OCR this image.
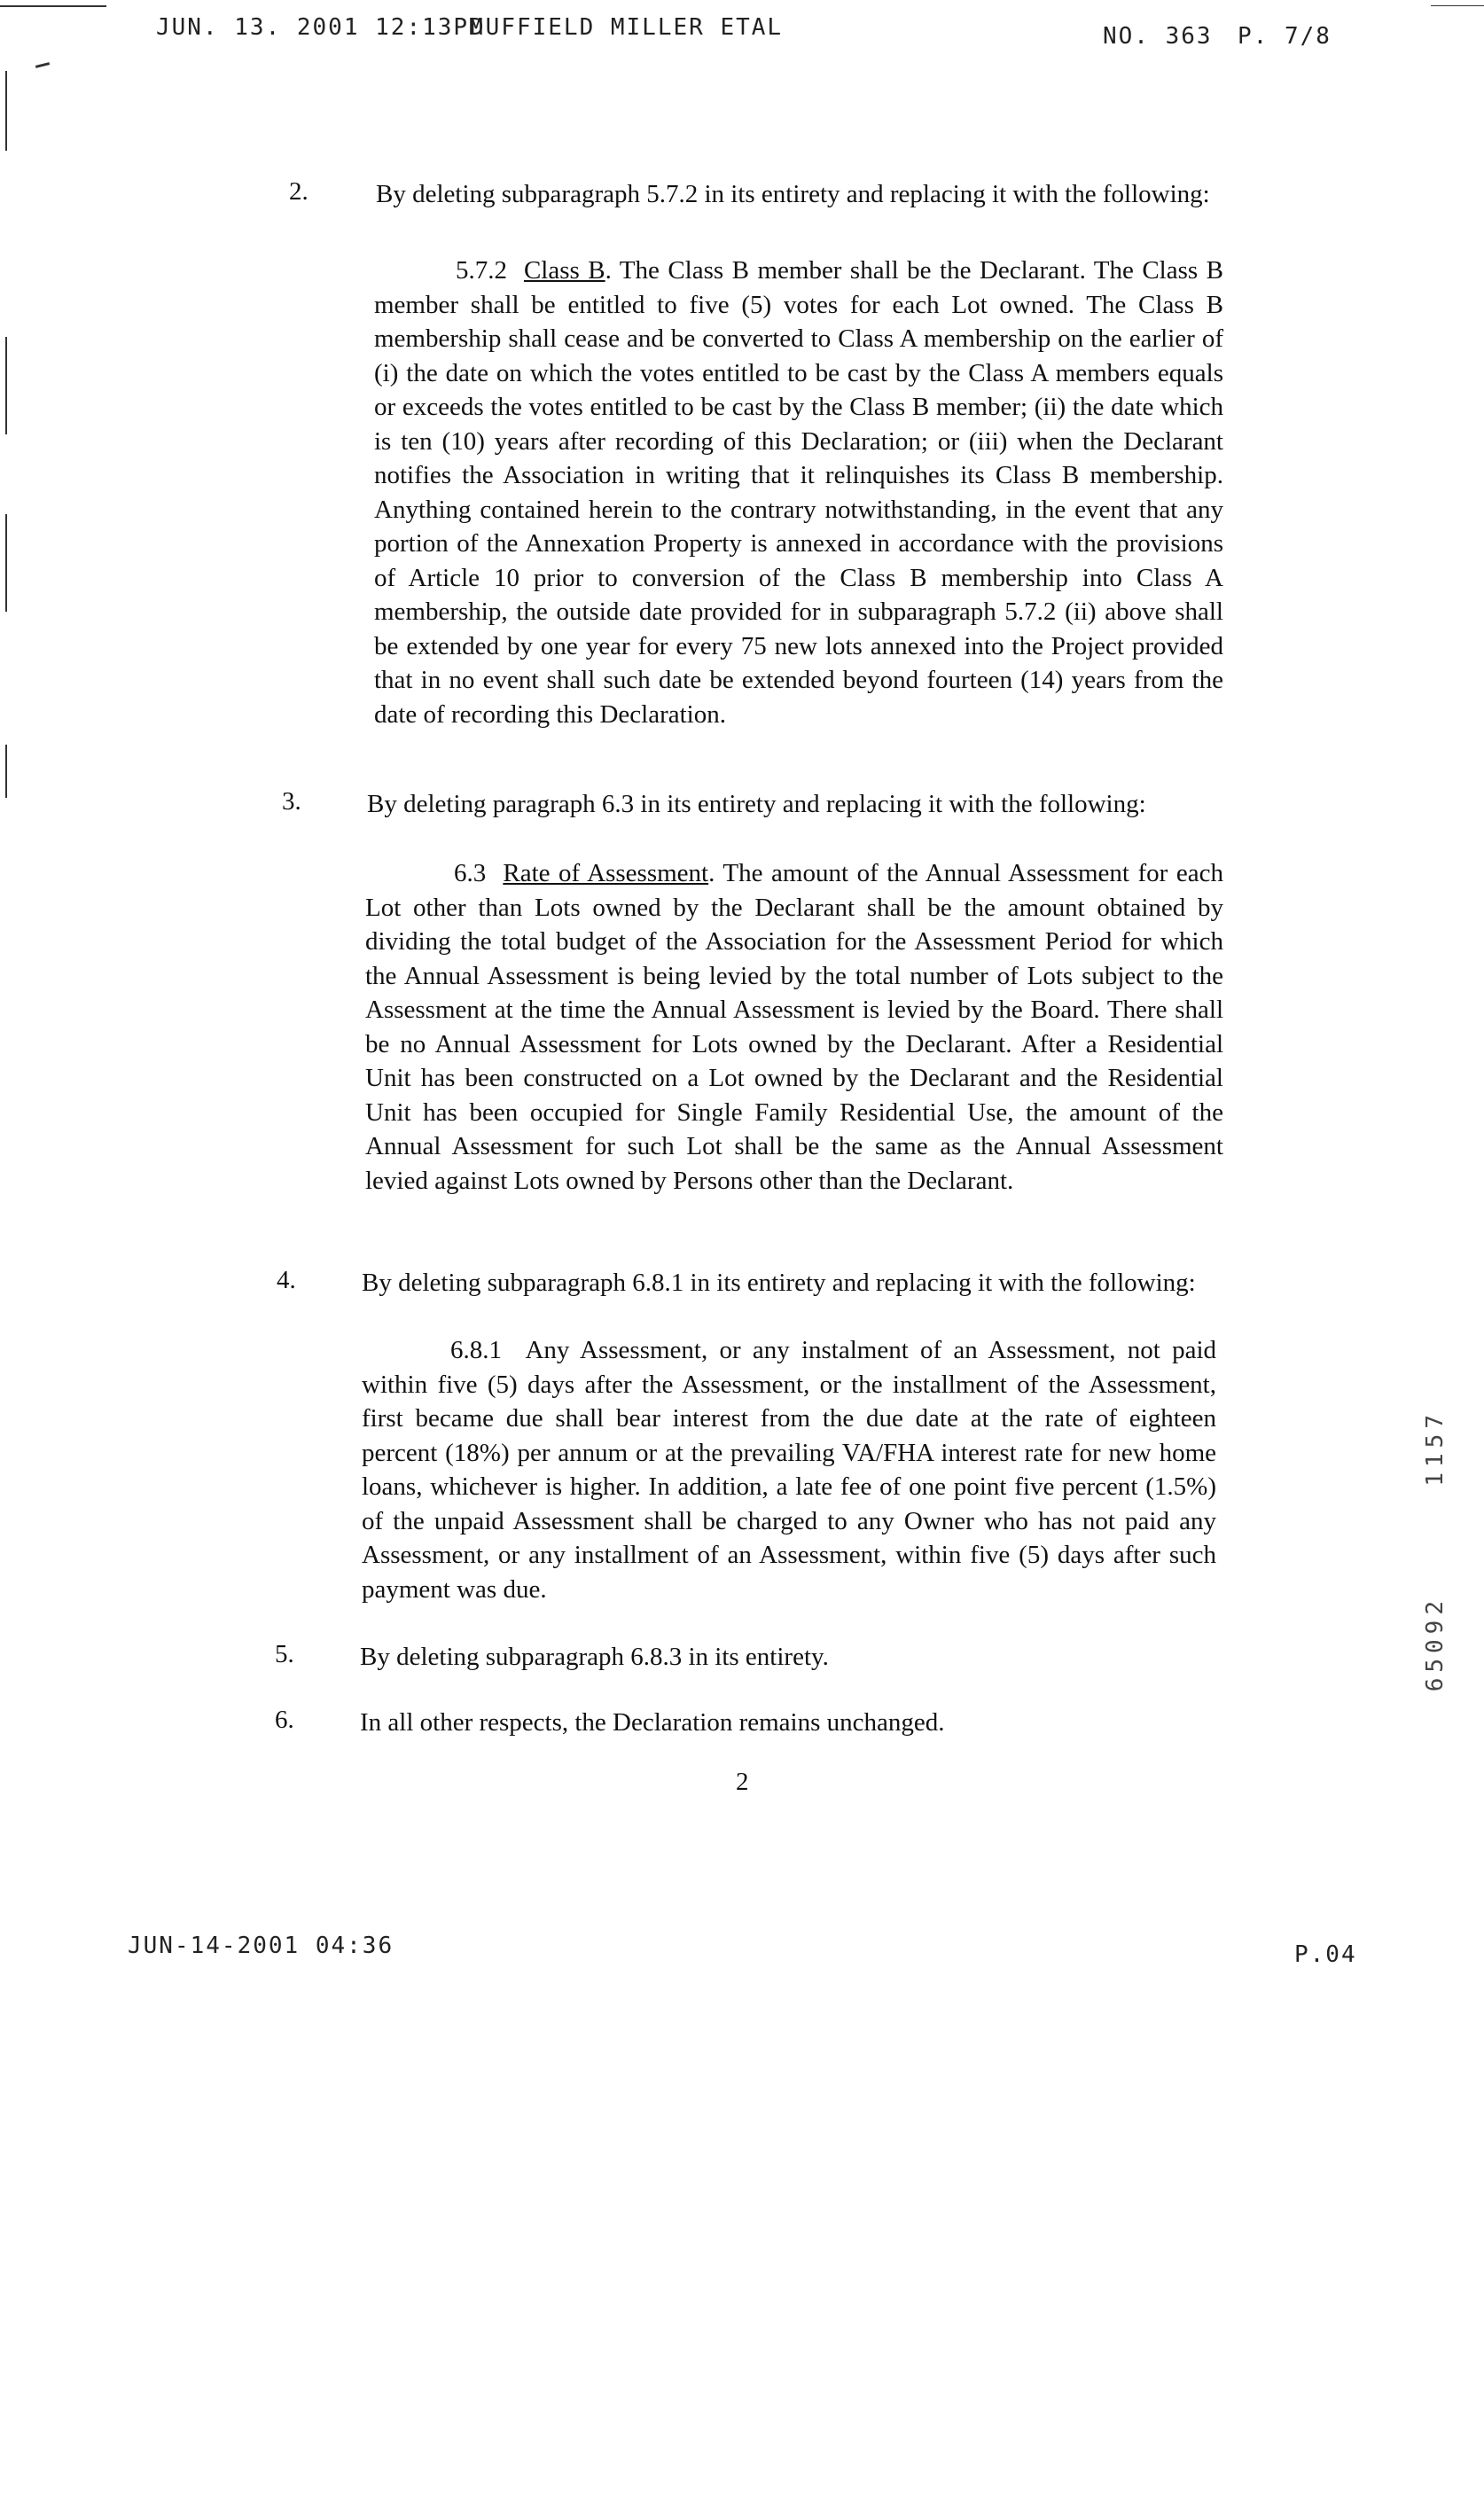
JUN. 13. 2001 12:13PM
DUFFIELD MILLER ETAL	NO. 363 P. 7/8
2.	By deleting subparagraph 5.7.2 in its entirety and replacing it with the following:
5.7.2 Class B. The Class B member shall be the Declarant. The Class B member shall be entitled to five (5) votes for each Lot owned. The Class B membership shall cease and be converted to Class A membership on the earlier of (i) the date on which the votes entitled to be cast by the Class A members equals or exceeds the votes entitled to be cast by the Class B member; (ii) the date which is ten (10) years after recording of this Declaration; or (iii) when the Declarant notifies the Association in writing that it relinquishes its Class B membership. Anything contained herein to the contrary notwithstanding, in the event that any portion of the Annexation Property is annexed in accordance with the provisions of Article 10 prior to conversion of the Class B membership into Class A membership, the outside date provided for in subparagraph 5.7.2 (ii) above shall be extended by one year for every 75 new lots annexed into the Project provided that in no event shall such date be extended beyond fourteen (14) years from the date of recording this Declaration.
3.	By deleting paragraph 6.3 in its entirety and replacing it with the following:
6.3 Rate of Assessment. The amount of the Annual Assessment for each Lot other than Lots owned by the Declarant shall be the amount obtained by dividing the total budget of the Association for the Assessment Period for which the Annual Assessment is being levied by the total number of Lots subject to the Assessment at the time the Annual Assessment is levied by the Board. There shall be no Annual Assessment for Lots owned by the Declarant. After a Residential Unit has been constructed on a Lot owned by the Declarant and the Residential Unit has been occupied for Single Family Residential Use, the amount of the Annual Assessment for such Lot shall be the same as the Annual Assessment levied against Lots owned by Persons other than the Declarant.
4.	By deleting subparagraph 6.8.1 in its entirety and replacing it with the following:
6.8.1 Any Assessment, or any instalment of an Assessment, not paid within five (5) days after the Assessment, or the installment of the Assessment, first became due shall bear interest from the due date at the rate of eighteen percent (18%) per annum or at the prevailing VA/FHA interest rate for new home loans, whichever is higher. In addition, a late fee of one point five percent (1.5%) of the unpaid Assessment shall be charged to any Owner who has not paid any Assessment, or any installment of an Assessment, within five (5) days after such payment was due.
5.	By deleting subparagraph 6.8.3 in its entirety.
6.	In all other respects, the Declaration remains unchanged.
2
1157
65092
JUN-14-2001 04:36	P.04
